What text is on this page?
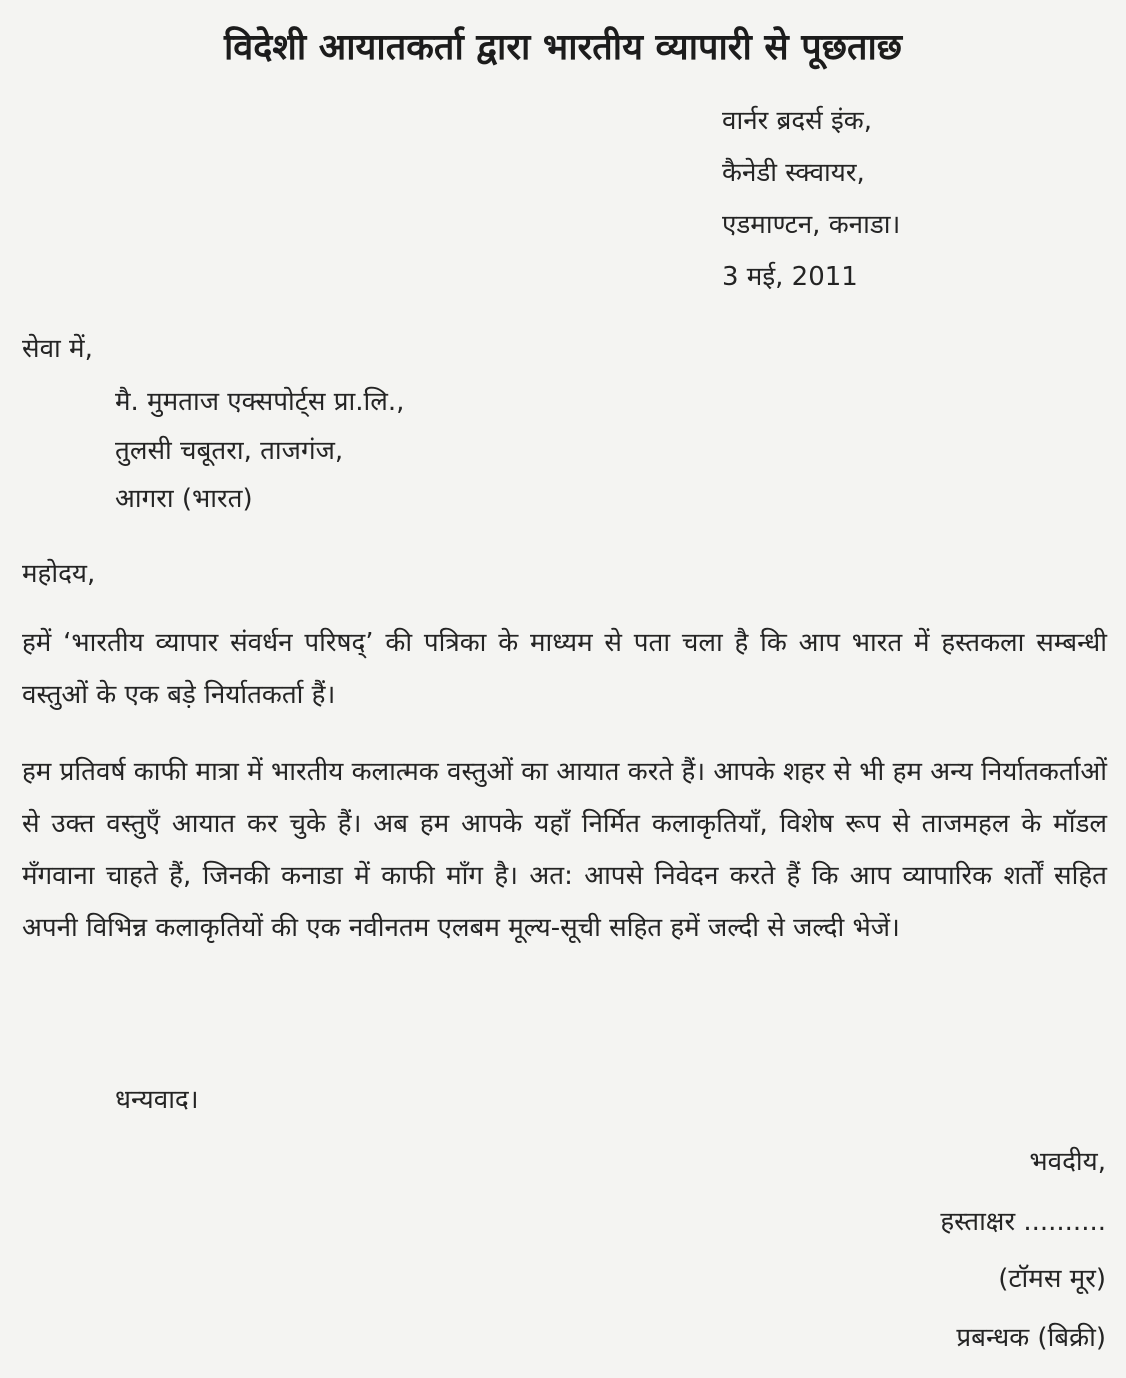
विदेशी आयातकर्ता द्वारा भारतीय व्यापारी से पूछताछ
वार्नर ब्रदर्स इंक,
कैनेडी स्क्वायर,
एडमाण्टन, कनाडा।
3 मई, 2011
सेवा में,
मै. मुमताज एक्सपोर्ट्स प्रा.लि.,
तुलसी चबूतरा, ताजगंज,
आगरा (भारत)
महोदय,

हमें ‘भारतीय व्यापार संवर्धन परिषद्’ की पत्रिका के माध्यम से पता चला है कि आप भारत में हस्तकला सम्बन्धी वस्तुओं के एक बड़े निर्यातकर्ता हैं।

हम प्रतिवर्ष काफी मात्रा में भारतीय कलात्मक वस्तुओं का आयात करते हैं। आपके शहर से भी हम अन्य निर्यातकर्ताओं से उक्त वस्तुएँ आयात कर चुके हैं। अब हम आपके यहाँ निर्मित कलाकृतियाँ, विशेष रूप से ताजमहल के मॉडल मँगवाना चाहते हैं, जिनकी कनाडा में काफी माँग है। अत: आपसे निवेदन करते हैं कि आप व्यापारिक शर्तों सहित अपनी विभिन्न कलाकृतियों की एक नवीनतम एलबम मूल्य-सूची सहित हमें जल्दी से जल्दी भेजें।

धन्यवाद।
भवदीय,
हस्ताक्षर ..........
(टॉमस मूर)
प्रबन्धक (बिक्री)
